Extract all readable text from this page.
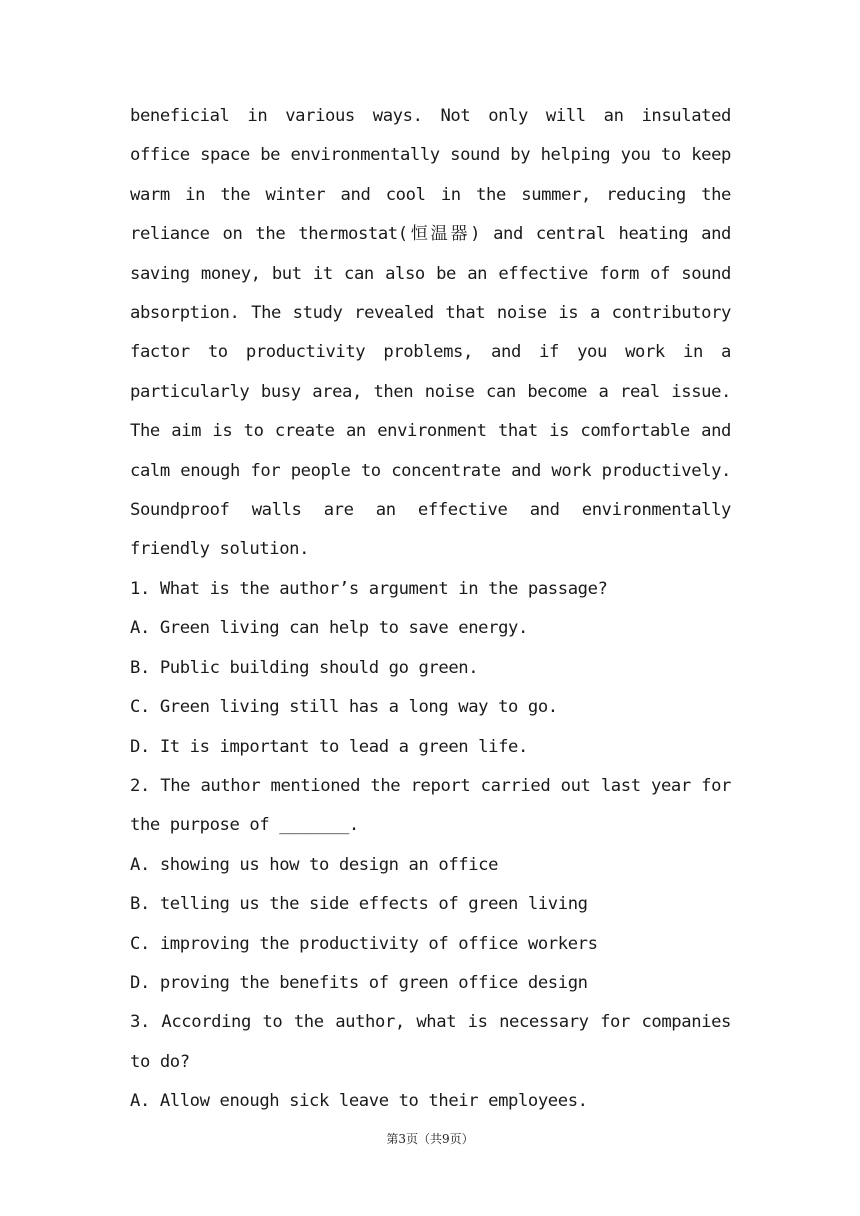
beneficial in various ways. Not only will an insulated office space be environmentally sound by helping you to keep warm in the winter and cool in the summer, reducing the reliance on the thermostat(恒温器) and central heating and saving money, but it can also be an effective form of sound absorption. The study revealed that noise is a contributory factor to productivity problems, and if you work in a particularly busy area, then noise can become a real issue. The aim is to create an environment that is comfortable and calm enough for people to concentrate and work productively. Soundproof walls are an effective and environmentally friendly solution.

1. What is the author’s argument in the passage?

A. Green living can help to save energy.

B. Public building should go green.

C. Green living still has a long way to go.

D. It is important to lead a green life.

2. The author mentioned the report carried out last year for the purpose of _______.

A. showing us how to design an office

B. telling us the side effects of green living

C. improving the productivity of office workers

D. proving the benefits of green office design

3. According to the author, what is necessary for companies to do?

A. Allow enough sick leave to their employees.

第3页（共9页）
